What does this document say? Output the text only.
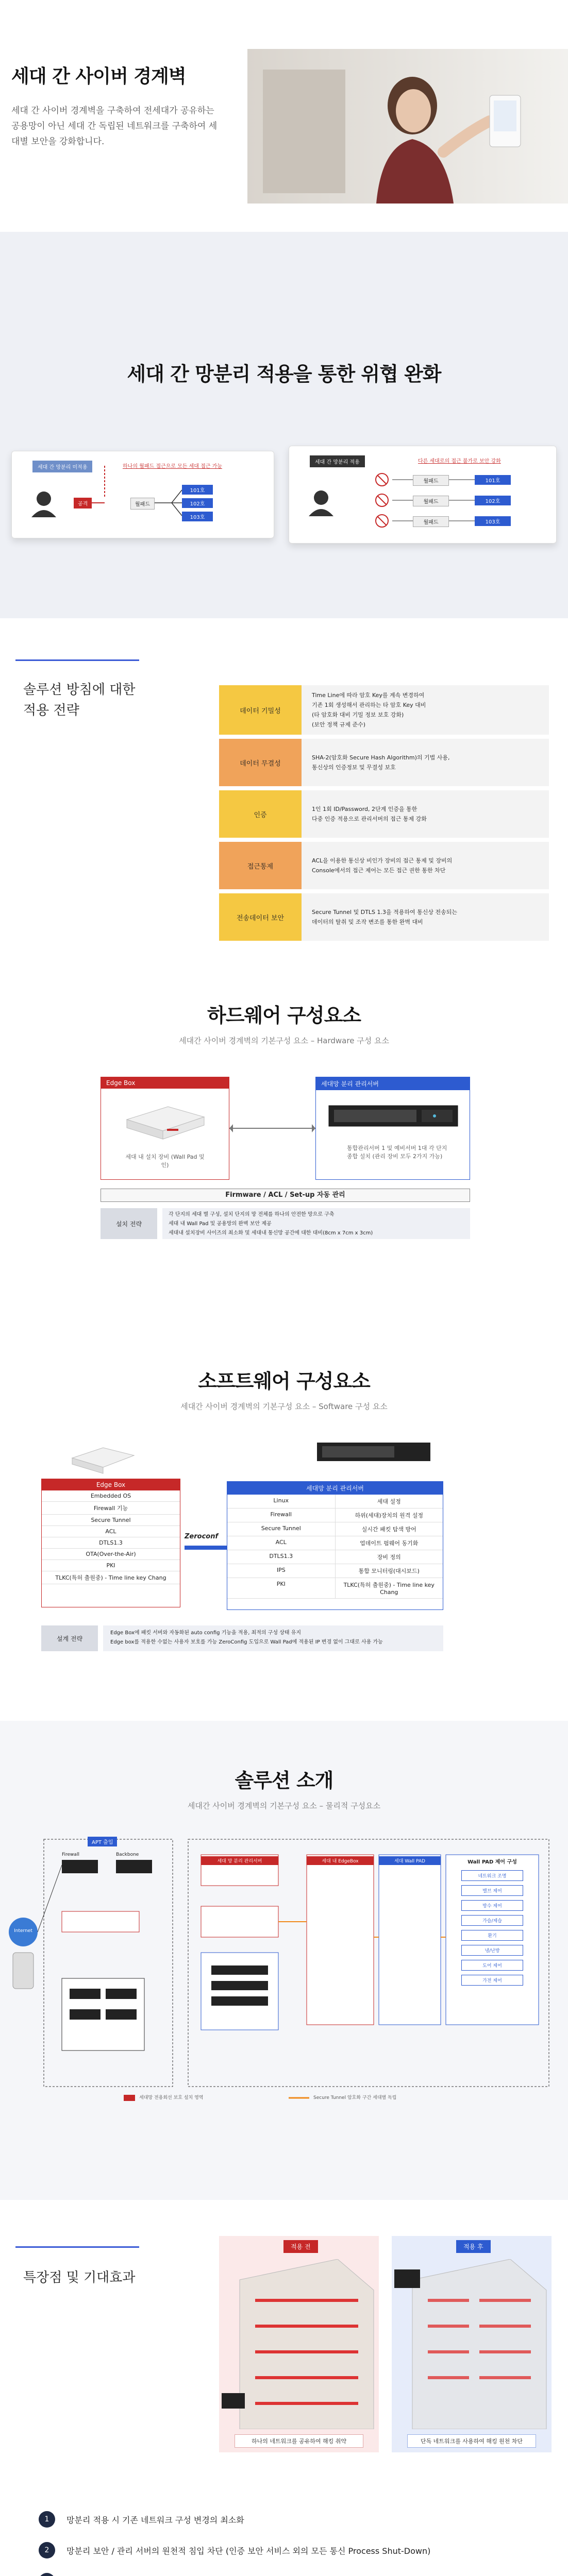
세대 간 사이버 경계벽
세대 간 사이버 경계벽을 구축하여 전세대가 공유하는 공용망이 아닌 세대 간 독립된 네트워크를 구축하여 세대별 보안을 강화합니다.
세대 간 망분리 적용을 통한 위협 완화
세대 간 망분리 미적용	하나의 월패드 접근으로 모든 세대 접근 가능
공격	월패드
101호
102호
103호
세대 간 망분리 적용	다른 세대로의 접근 불가로 보안 강화
월패드
월패드
월패드
101호
102호
103호
솔루션 방침에 대한
적용 전략	데이터 기밀성
Time Line에 따라 암호 Key를 계속 변경하여
기존 1회 생성해서 관리하는 타 암호 Key 대비
(타 암호화 대비 기밀 정보 보호 강화)
(보안 정책 규제 준수)
데이터 무결성
SHA-2(암호화 Secure Hash Algorithm)의 기법 사용,
통신상의 인증정보 및 무결성 보호
인증
1인 1회 ID/Password, 2단계 인증을 통한
다중 인증 적용으로 관리서버의 접근 통제 강화
접근통제
ACL을 이용한 통신상 비인가 장비의 접근 통제 및 장비의
Console에서의 접근 제어는 모든 접근 권한 통한 차단
전송데이터 보안
Secure Tunnel 및 DTLS 1.3을 적용하여 통신상 전송되는
데이터의 탈취 및 조작 변조를 통한 완벽 대비
하드웨어 구성요소
세대간 사이버 경계벽의 기본구성 요소 – Hardware 구성 요소
Edge Box
세대 내 설치 장비 (Wall Pad 및 인)
세대망 분리 관리서버
통합관리서버 1 및 예비서버 1대 각 단지 종합 설치 (관리 장비 모두 2가지 가능)
Firmware / ACL / Set-up 자동 관리
설치 전략
각 단지의 세대 별 구성, 설치 단지의 망 전체를 하나의 안전한 망으로 구축
세대 내 Wall Pad 및 공용망의 완벽 보안 제공
세대내 설치장비 사이즈의 최소화 및 세대내 통신망 공간에 대한 대비(8cm x 7cm x 3cm)
소프트웨어 구성요소
세대간 사이버 경계벽의 기본구성 요소 – Software 구성 요소
Edge Box
Embedded OS
Firewall 기능
Secure Tunnel
ACL
DTLS1.3
OTA(Over-the-Air)
PKI
TLKC(특허 출원중) - Time line key Chang
Zeroconf
세대망 분리 관리서버
Linux	세대 설정
Firewall	하위(세대)장치의 원격 설정
Secure Tunnel	실시간 패킷 탐색 방어
ACL	업데이트 펌웨어 동기화
DTLS1.3	장비 정의
IPS	통합 모니터링(대시보드)
PKI	TLKC(특허 출원중) - Time line key Chang
설계 전략
Edge Box에 패킷 서버와 자동화된 auto config 기능을 적용, 최적의 구성 상태 유지
Edge box를 적용한 수없는 사용자 보호를 가능 ZeroConfig 도입으로 Wall Pad에 적용된 IP 변경 없이 그대로 사용 가능
솔루션 소개
세대간 사이버 경계벽의 기본구성 요소 – 물리적 구성요소
Internet
APT 출입
Firewall	Backbone
세대 망 분리 관리서버	세대 내 EdgeBox	세대 Wall PAD	Wall PAD 제어 구성
네트워크 조명
밸브 제어
방수 제어
가습/제습
환기
냉/난방
도어 제어
가전 제어
세대망 전용회선 보호 설치 영역	Secure Tunnel 암호화 구간 세대별 독립
특장점 및 기대효과
적용 전
하나의 네트워크를 공유하여 해킹 취약
적용 후
단독 네트워크를 사용하여 해킹 원천 차단
1	망분리 적용 시 기존 네트워크 구성 변경의 최소화
2	망분리 보안 / 관리 서버의 원천적 침입 차단 (인증 보안 서비스 외의 모든 통신 Process Shut-Down)
